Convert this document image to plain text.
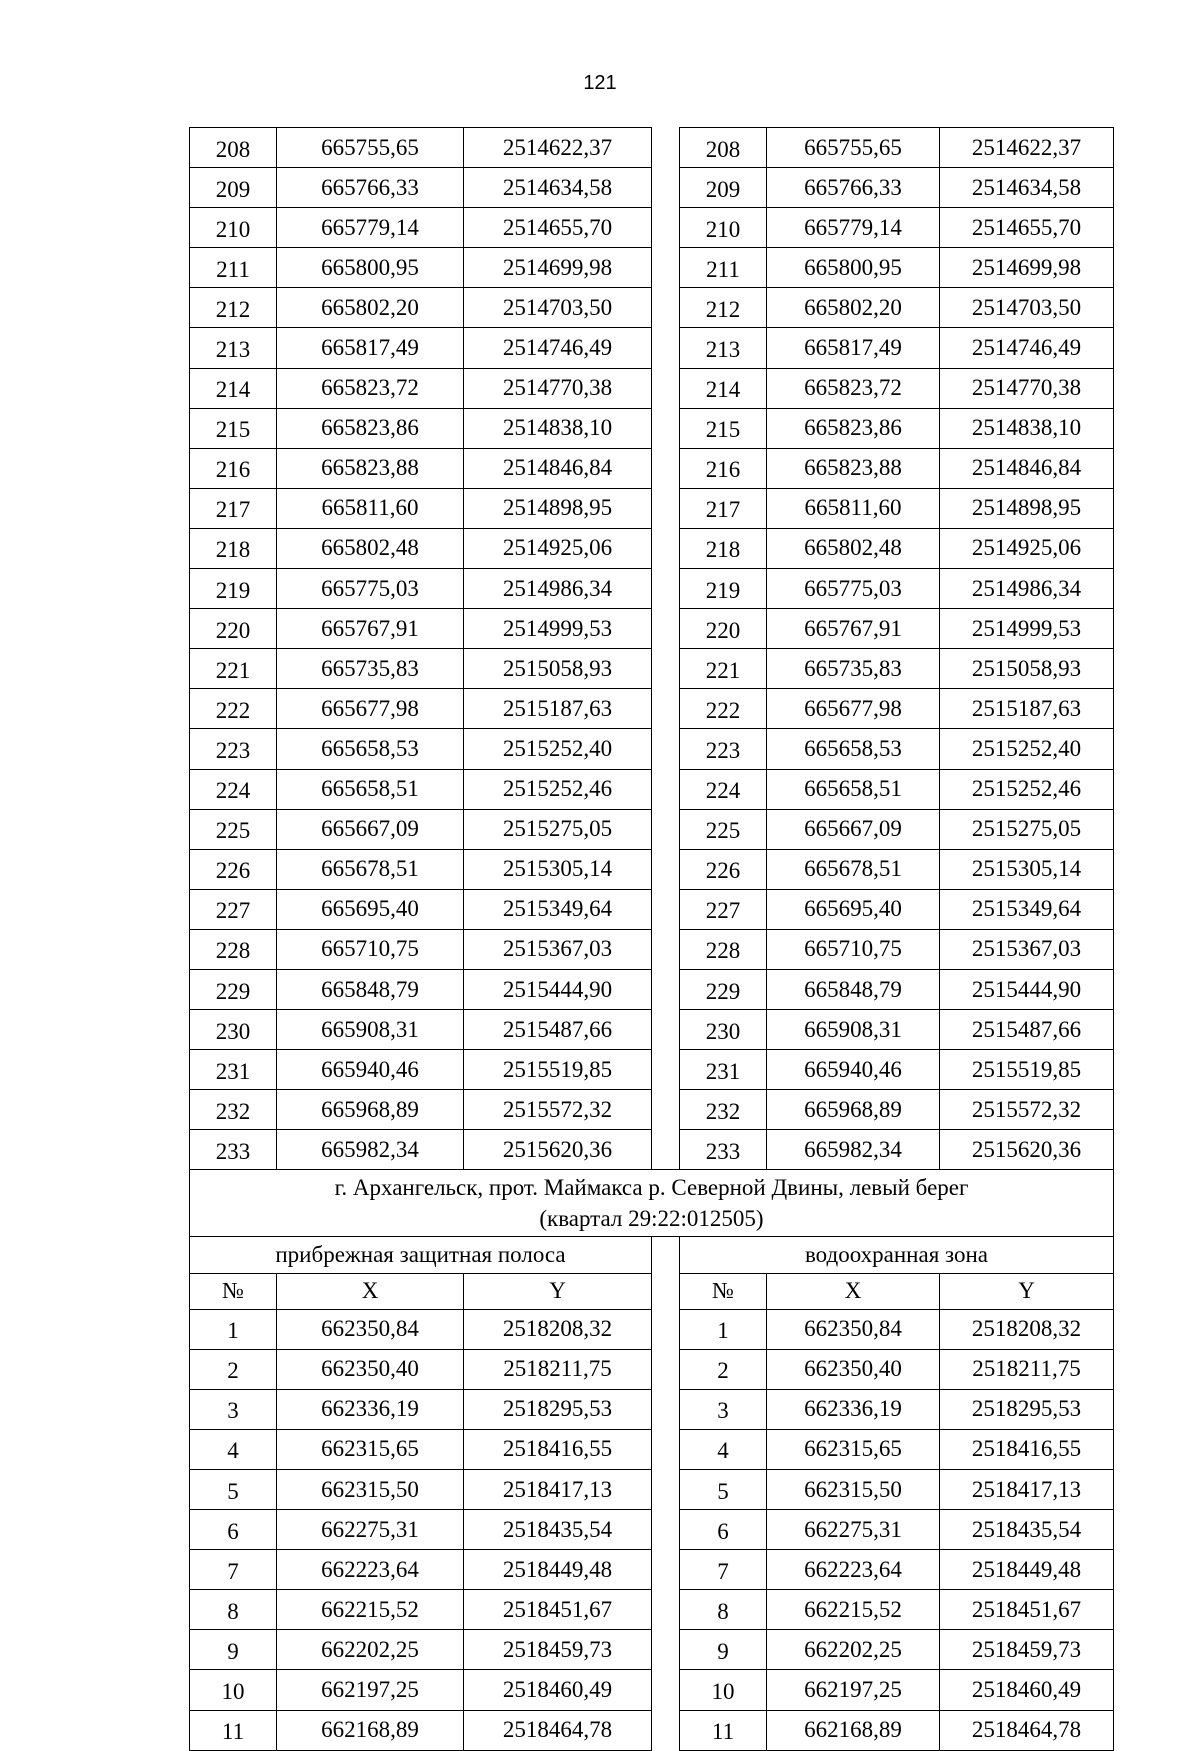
121
208	665755,65	2514622,37		208	665755,65	2514622,37
209	665766,33	2514634,58		209	665766,33	2514634,58
210	665779,14	2514655,70		210	665779,14	2514655,70
211	665800,95	2514699,98		211	665800,95	2514699,98
212	665802,20	2514703,50		212	665802,20	2514703,50
213	665817,49	2514746,49		213	665817,49	2514746,49
214	665823,72	2514770,38		214	665823,72	2514770,38
215	665823,86	2514838,10		215	665823,86	2514838,10
216	665823,88	2514846,84		216	665823,88	2514846,84
217	665811,60	2514898,95		217	665811,60	2514898,95
218	665802,48	2514925,06		218	665802,48	2514925,06
219	665775,03	2514986,34		219	665775,03	2514986,34
220	665767,91	2514999,53		220	665767,91	2514999,53
221	665735,83	2515058,93		221	665735,83	2515058,93
222	665677,98	2515187,63		222	665677,98	2515187,63
223	665658,53	2515252,40		223	665658,53	2515252,40
224	665658,51	2515252,46		224	665658,51	2515252,46
225	665667,09	2515275,05		225	665667,09	2515275,05
226	665678,51	2515305,14		226	665678,51	2515305,14
227	665695,40	2515349,64		227	665695,40	2515349,64
228	665710,75	2515367,03		228	665710,75	2515367,03
229	665848,79	2515444,90		229	665848,79	2515444,90
230	665908,31	2515487,66		230	665908,31	2515487,66
231	665940,46	2515519,85		231	665940,46	2515519,85
232	665968,89	2515572,32		232	665968,89	2515572,32
233	665982,34	2515620,36		233	665982,34	2515620,36

г. Архангельск, прот. Маймакса р. Северной Двины, левый берег
(квартал 29:22:012505)						

прибрежная защитная полоса				водоохранная зона		
№	X	Y		№	X	Y
1	662350,84	2518208,32		1	662350,84	2518208,32
2	662350,40	2518211,75		2	662350,40	2518211,75
3	662336,19	2518295,53		3	662336,19	2518295,53
4	662315,65	2518416,55		4	662315,65	2518416,55
5	662315,50	2518417,13		5	662315,50	2518417,13
6	662275,31	2518435,54		6	662275,31	2518435,54
7	662223,64	2518449,48		7	662223,64	2518449,48
8	662215,52	2518451,67		8	662215,52	2518451,67
9	662202,25	2518459,73		9	662202,25	2518459,73
10	662197,25	2518460,49		10	662197,25	2518460,49
11	662168,89	2518464,78		11	662168,89	2518464,78
